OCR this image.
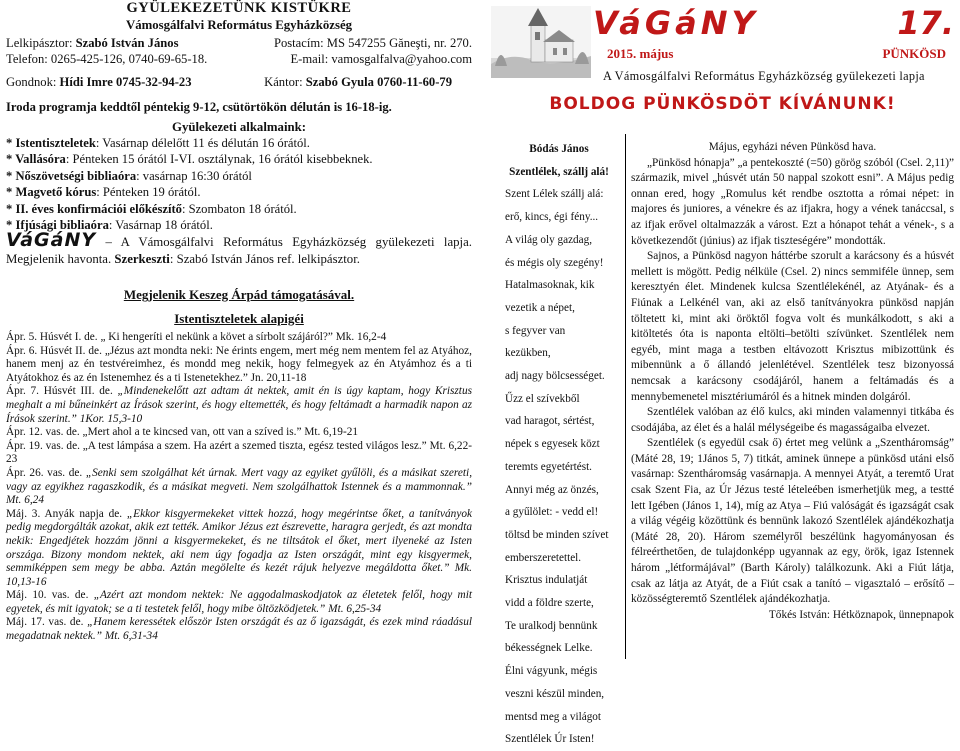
GYÜLEKEZETÜNK KISTÜKRE
Vámosgálfalvi Református Egyházközség
Lelkipásztor: Szabó István János	Postacím: MS 547255 Găneşti, nr. 270.
Telefon: 0265-425-126, 0740-69-65-18.	E-mail: vamosgalfalva@yahoo.com
Gondnok: Hídi Imre 0745-32-94-23	Kántor: Szabó Gyula 0760-11-60-79
Iroda programja keddtől péntekig 9-12, csütörtökön délután is 16-18-ig.
Gyülekezeti alkalmaink:
* Istentiszteletek: Vasárnap délelőtt 11 és délután 16 órától.
* Vallásóra: Pénteken 15 órától I-VI. osztálynak, 16 órától kisebbeknek.
* Nőszövetségi bibliaóra: vasárnap 16:30 órától
* Magvető kórus: Pénteken 19 órától.
* II. éves konfirmációi előkészítő: Szombaton 18 órától.
* Ifjúsági bibliaóra: Vasárnap 18 órától.
VáGáNY – A Vámosgálfalvi Református Egyházközség gyülekezeti lapja. Megjelenik havonta. Szerkeszti: Szabó István János ref. lelkipásztor.
Megjelenik Keszeg Árpád támogatásával.
Istentiszteletek alapigéi
Ápr. 5. Húsvét I. de. „ Ki hengeríti el nekünk a követ a sírbolt szájáról?” Mk. 16,2-4
Ápr. 6. Húsvét II. de. „Jézus azt mondta neki: Ne érints engem, mert még nem mentem fel az Atyához, hanem menj az én testvéreimhez, és mondd meg nekik, hogy felmegyek az én Atyámhoz és a ti Atyátokhoz és az én Istenemhez és a ti Istenetekhez.” Jn. 20,11-18
Ápr. 7. Húsvét III. de. „Mindenekelőtt azt adtam át nektek, amit én is úgy kaptam, hogy Krisztus meghalt a mi bűneinkért az Írások szerint, és hogy eltemették, és hogy feltámadt a harmadik napon az Írások szerint.” 1Kor. 15,3-10
Ápr. 12. vas. de. „Mert ahol a te kincsed van, ott van a szíved is.” Mt. 6,19-21
Ápr. 19. vas. de. „A test lámpása a szem. Ha azért a szemed tiszta, egész tested világos lesz.” Mt. 6,22-23
Ápr. 26. vas. de. „Senki sem szolgálhat két úrnak. Mert vagy az egyiket gyűlöli, és a másikat szereti, vagy az egyikhez ragaszkodik, és a másikat megveti. Nem szolgálhattok Istennek és a mammonnak.” Mt. 6,24
Máj. 3. Anyák napja de. „Ekkor kisgyermekeket vittek hozzá, hogy megérintse őket, a tanítványok pedig megdorgálták azokat, akik ezt tették. Amikor Jézus ezt észrevette, haragra gerjedt, és azt mondta nekik: Engedjétek hozzám jönni a kisgyermekeket, és ne tiltsátok el őket, mert ilyeneké az Isten országa. Bizony mondom nektek, aki nem úgy fogadja az Isten országát, mint egy kisgyermek, semmiképpen sem megy be abba. Aztán megölelte és kezét rájuk helyezve megáldotta őket.” Mk. 10,13-16
Máj. 10. vas. de. „Azért azt mondom nektek: Ne aggodalmaskodjatok az életetek felől, hogy mit egyetek, és mit igyatok; se a ti testetek felől, hogy mibe öltözködjetek.” Mt. 6,25-34
Máj. 17. vas. de. „Hanem keressétek először Isten országát és az ő igazságát, és ezek mind ráadásul megadatnak nektek.” Mt. 6,31-34
VáGáNY	17.
2015. május	PÜNKÖSD
A Vámosgálfalvi Református Egyházközség gyülekezeti lapja
BOLDOG PÜNKÖSDÖT KÍVÁNUNK!
Bódás János
Szentlélek, szállj alá!
Szent Lélek szállj alá:
erő, kincs, égi fény...
A világ oly gazdag,
és mégis oly szegény!
Hatalmasoknak, kik
vezetik a népet,
s fegyver van
kezükben,
adj nagy bölcsességet.
Űzz el szívekből
vad haragot, sértést,
népek s egyesek közt
teremts egyetértést.
Annyi még az önzés,
a gyűlölet: - vedd el!
töltsd be minden szívet
emberszeretettel.
Krisztus indulatját
vidd a földre szerte,
Te uralkodj bennünk
békességnek Lelke.
Élni vágyunk, mégis
veszni készül minden,
mentsd meg a világot
Szentlélek Úr Isten!

Május, egyházi néven Pünkösd hava.

„Pünkösd hónapja” „a pentekoszté (=50) görög szóból (Csel. 2,11)” származik, mivel „húsvét után 50 nappal szokott esni”. A Május pedig onnan ered, hogy „Romulus két rendbe osztotta a római népet: in majores és juniores, a vénekre és az ifjakra, hogy a vének tanáccsal, s az ifjak erővel oltalmazzák a várost. Ezt a hónapot tehát a vének-, s a következendőt (június) az ifjak tiszteségére” mondották.

Sajnos, a Pünkösd nagyon háttérbe szorult a karácsony és a húsvét mellett is mögött. Pedig nélküle (Csel. 2) nincs semmiféle ünnep, sem keresztyén élet. Mindenek kulcsa Szentlélekénél, az Atyának- és a Fiúnak a Lelkénél van, aki az első tanítványokra pünkösd napján töltetett ki, mint aki öröktől fogva volt és munkálkodott, s aki a kitöltetés óta is naponta eltölti–betölti szívünket. Szentlélek nem egyéb, mint maga a testben eltávozott Krisztus mibizottünk és mibennünk a ő állandó jelenlétével. Szentlélek tesz bizonyossá nemcsak a karácsony csodájáról, hanem a feltámadás és a mennybemenetel misztériumáról és a hitnek minden dolgáról.

Szentlélek valóban az élő kulcs, aki minden valamennyi titkába és csodájába, az élet és a halál mélységeibe és magasságaiba elvezet.

Szentlélek (s egyedül csak ő) értet meg velünk a „Szentháromság” (Máté 28, 19; 1János 5, 7) titkát, aminek ünnepe a pünkösd utáni első vasárnap: Szentháromság vasárnapja. A mennyei Atyát, a teremtő Urat csak Szent Fia, az Úr Jézus testé lételeében ismerhetjük meg, a testté lett Igében (János 1, 14), míg az Atya – Fiú valóságát és igazságát csak a világ végéig közöttünk és bennünk lakozó Szentlélek ajándékozhatja (Máté 28, 20). Három személyről beszélünk hagyományosan és félreérthetően, de tulajdonképp ugyannak az egy, örök, igaz Istennek három „létformájával” (Barth Károly) találkozunk. Aki a Fiút látja, csak az látja az Atyát, de a Fiút csak a tanító – vigasztaló – erősítő – közösségteremtő Szentlélek ajándékozhatja.

Tőkés István: Hétköznapok, ünnepnapok
